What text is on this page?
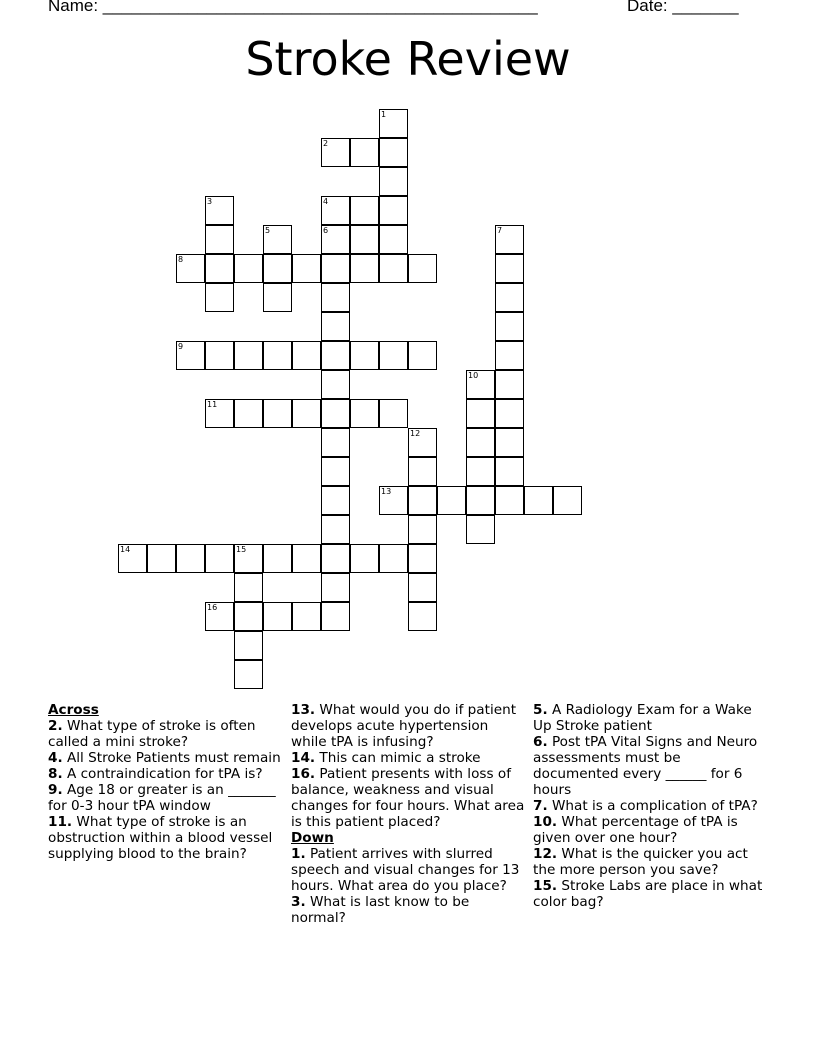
Name: ______________________________________________	Date: _______
Stroke Review
1
2
3	4
5	6	7
8
9
10
11
12
13
14	15
16
Across
2. What type of stroke is often called a mini stroke?
4. All Stroke Patients must remain
8. A contraindication for tPA is?
9. Age 18 or greater is an _______ for 0-3 hour tPA window
11. What type of stroke is an obstruction within a blood vessel supplying blood to the brain?
13. What would you do if patient develops acute hypertension while tPA is infusing?
14. This can mimic a stroke
16. Patient presents with loss of balance, weakness and visual changes for four hours. What area is this patient placed?
Down
1. Patient arrives with slurred speech and visual changes for 13 hours. What area do you place?
3. What is last know to be normal?
5. A Radiology Exam for a Wake Up Stroke patient
6. Post tPA Vital Signs and Neuro assessments must be documented every ______ for 6 hours
7. What is a complication of tPA?
10. What percentage of tPA is given over one hour?
12. What is the quicker you act the more person you save?
15. Stroke Labs are place in what color bag?
